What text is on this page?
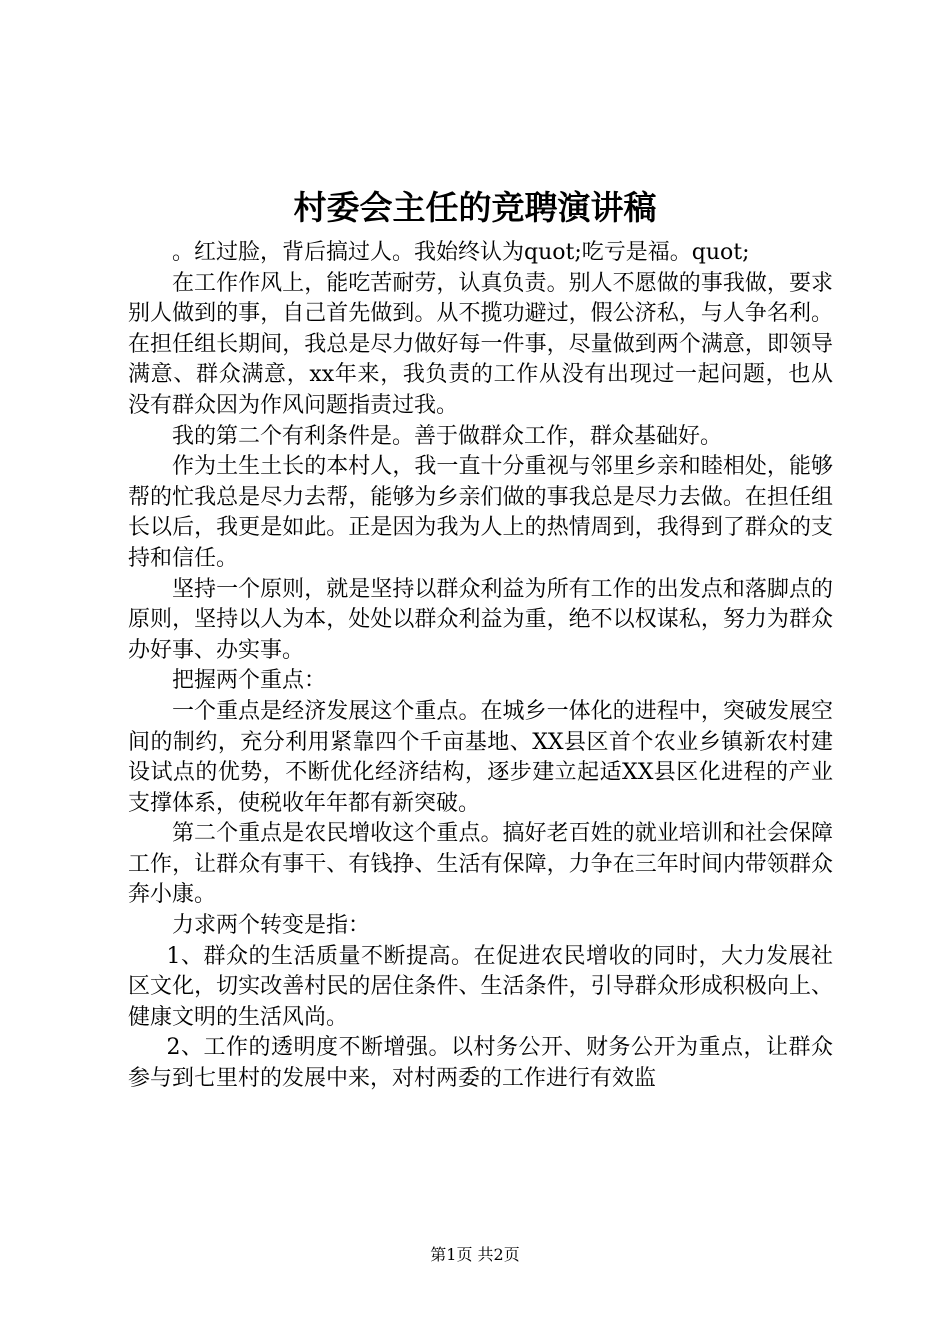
村委会主任的竞聘演讲稿

。红过脸，背后搞过人。我始终认为quot;吃亏是福。quot;

在工作作风上，能吃苦耐劳，认真负责。别人不愿做的事我做，要求别人做到的事，自己首先做到。从不揽功避过，假公济私，与人争名利。在担任组长期间，我总是尽力做好每一件事，尽量做到两个满意，即领导满意、群众满意，xx年来，我负责的工作从没有出现过一起问题，也从没有群众因为作风问题指责过我。

我的第二个有利条件是。善于做群众工作，群众基础好。

作为土生土长的本村人，我一直十分重视与邻里乡亲和睦相处，能够帮的忙我总是尽力去帮，能够为乡亲们做的事我总是尽力去做。在担任组长以后，我更是如此。正是因为我为人上的热情周到，我得到了群众的支持和信任。

坚持一个原则，就是坚持以群众利益为所有工作的出发点和落脚点的原则，坚持以人为本，处处以群众利益为重，绝不以权谋私，努力为群众办好事、办实事。

把握两个重点：

一个重点是经济发展这个重点。在城乡一体化的进程中，突破发展空间的制约，充分利用紧靠四个千亩基地、XX县区首个农业乡镇新农村建设试点的优势，不断优化经济结构，逐步建立起适XX县区化进程的产业支撑体系，使税收年年都有新突破。

第二个重点是农民增收这个重点。搞好老百姓的就业培训和社会保障工作，让群众有事干、有钱挣、生活有保障，力争在三年时间内带领群众奔小康。

力求两个转变是指：

1、群众的生活质量不断提高。在促进农民增收的同时，大力发展社区文化，切实改善村民的居住条件、生活条件，引导群众形成积极向上、健康文明的生活风尚。

2、工作的透明度不断增强。以村务公开、财务公开为重点，让群众参与到七里村的发展中来，对村两委的工作进行有效监

第1页 共2页
